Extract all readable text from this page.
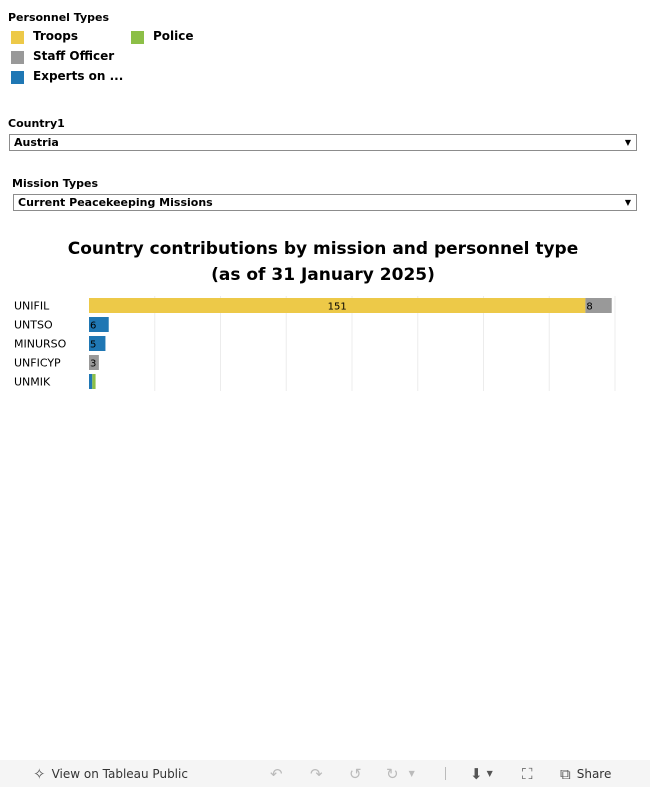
Personnel Types
Troops	Police
Staff Officer
Experts on ...
Country1
Austria	▼
Mission Types
Current Peacekeeping Missions	▼
Country contributions by mission and personnel type
(as of 31 January 2025)
UNIFIL	151	8
UNTSO	6
MINURSO 5
UNFICYP	3
UNMIK
✧ View on Tableau Public	↶ ↷ ↺ ↻ ▼	⬇ ▼ ⛶ ⧉ Share
